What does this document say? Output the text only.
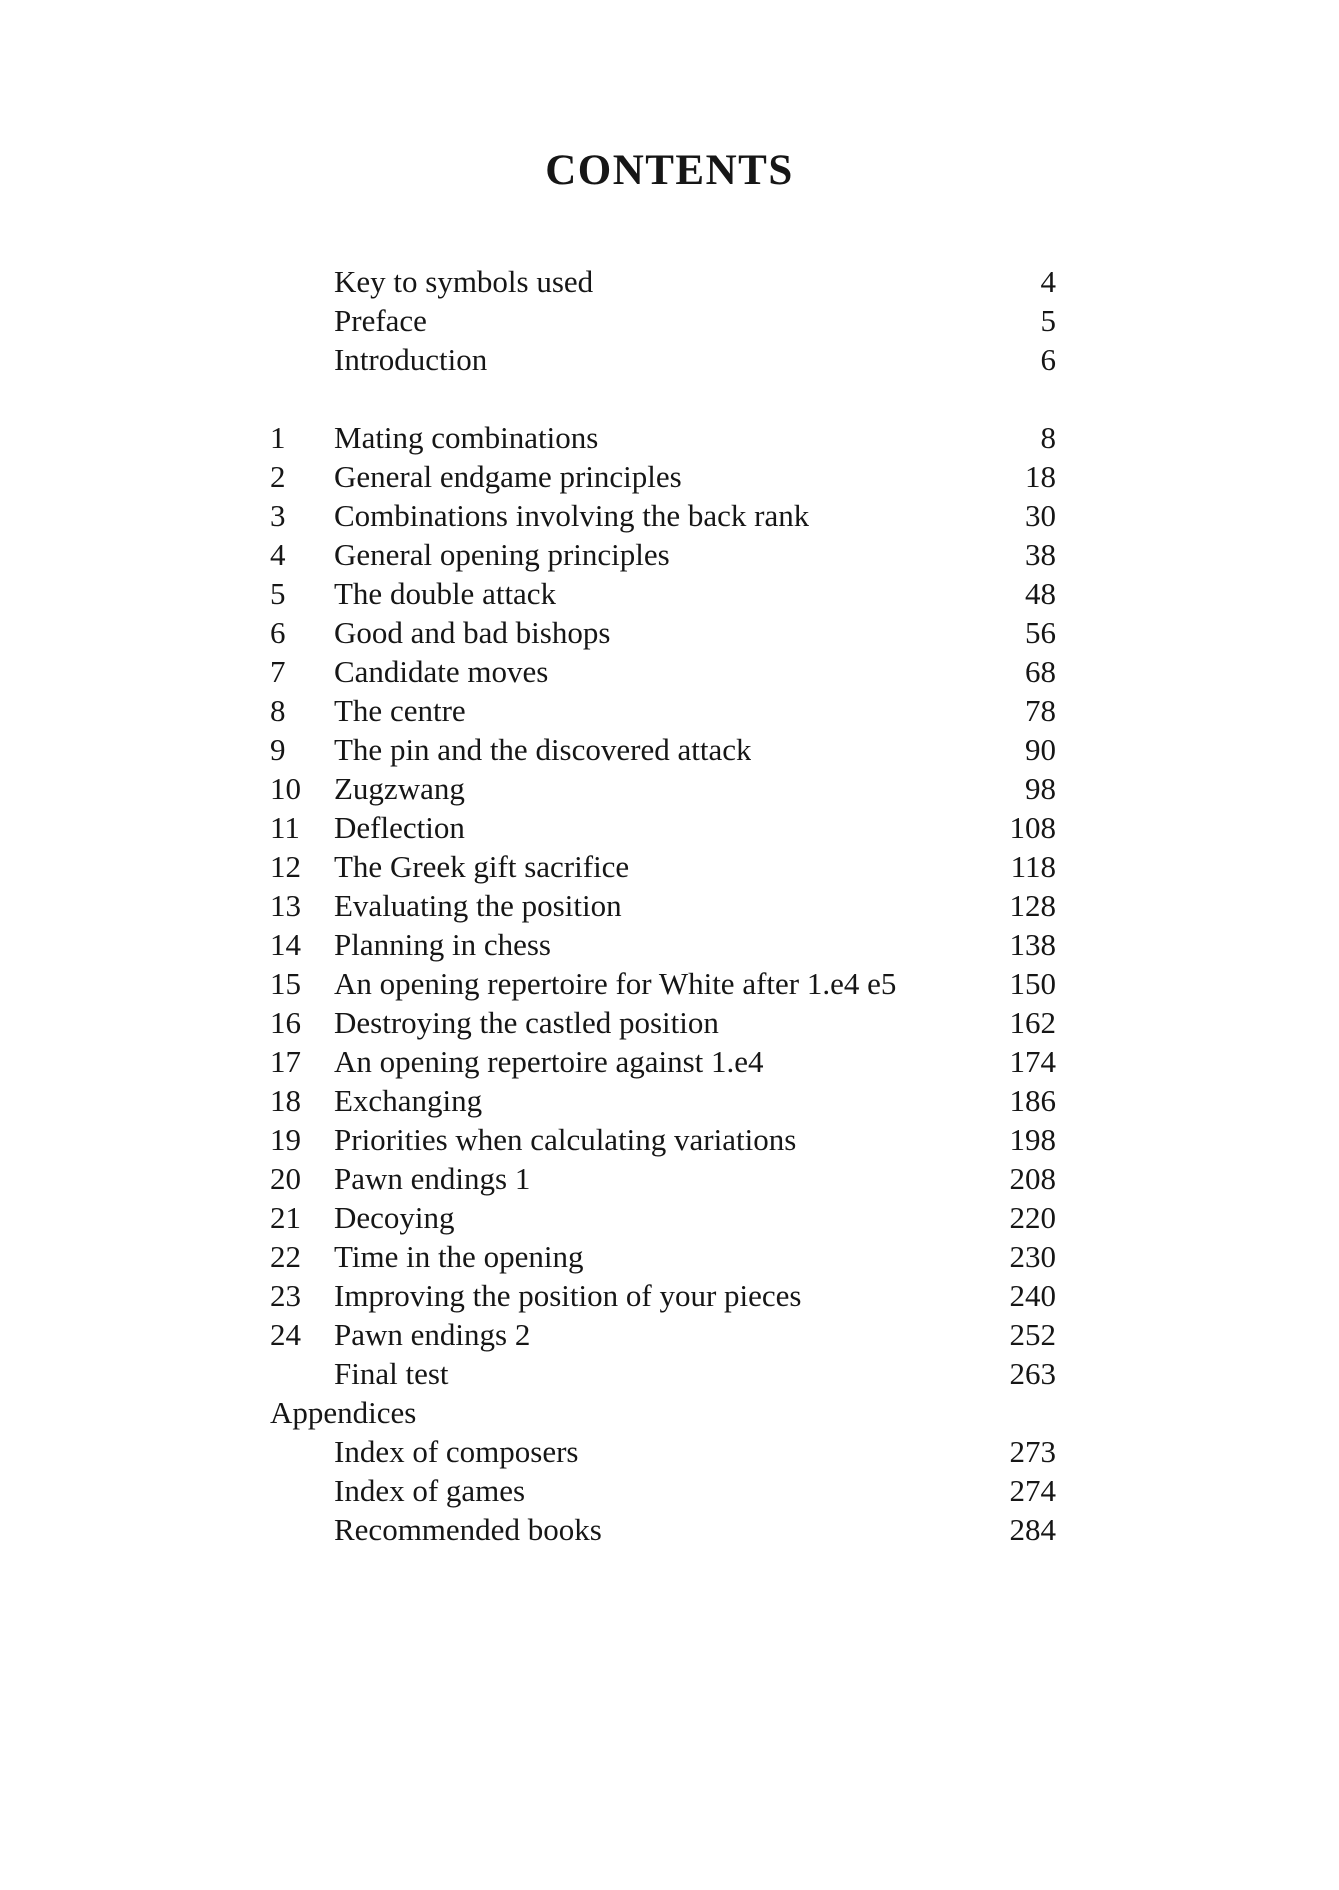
CONTENTS
Key to symbols used	4
Preface	5
Introduction	6
1	Mating combinations	8
2	General endgame principles	18
3	Combinations involving the back rank	30
4	General opening principles	38
5	The double attack	48
6	Good and bad bishops	56
7	Candidate moves	68
8	The centre	78
9	The pin and the discovered attack	90
10	Zugzwang	98
11	Deflection	108
12	The Greek gift sacrifice	118
13	Evaluating the position	128
14	Planning in chess	138
15	An opening repertoire for White after 1.e4 e5	150
16	Destroying the castled position	162
17	An opening repertoire against 1.e4	174
18	Exchanging	186
19	Priorities when calculating variations	198
20	Pawn endings 1	208
21	Decoying	220
22	Time in the opening	230
23	Improving the position of your pieces	240
24	Pawn endings 2	252
Final test	263
Appendices
Index of composers	273
Index of games	274
Recommended books	284
